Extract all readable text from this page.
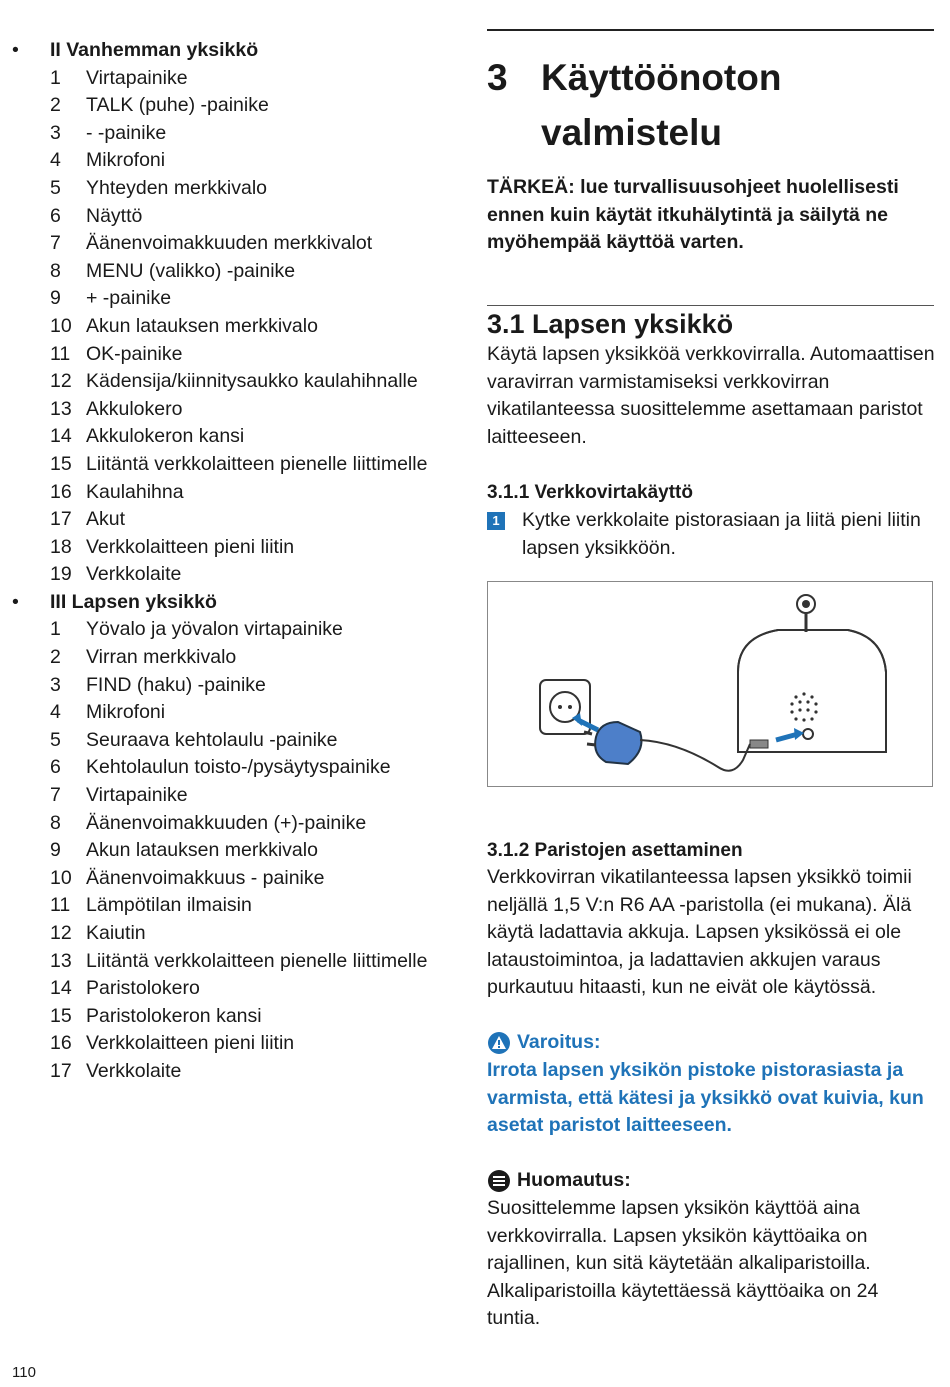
• II Vanhemman yksikkö
1	Virtapainike
2	TALK (puhe) -painike
3	- -painike
4	Mikrofoni
5	Yhteyden merkkivalo
6	Näyttö
7	Äänenvoimakkuuden merkkivalot
8	MENU (valikko) -painike
9	+ -painike
10 Akun latauksen merkkivalo
11 OK-painike
12 Kädensija/kiinnitysaukko kaulahihnalle
13 Akkulokero
14 Akkulokeron kansi
15 Liitäntä verkkolaitteen pienelle liittimelle
16 Kaulahihna
17 Akut
18 Verkkolaitteen pieni liitin
19 Verkkolaite
• III Lapsen yksikkö
1	Yövalo ja yövalon virtapainike
2	Virran merkkivalo
3	FIND (haku) -painike
4	Mikrofoni
5	Seuraava kehtolaulu -painike
6	Kehtolaulun toisto-/pysäytyspainike
7	Virtapainike
8	Äänenvoimakkuuden (+)-painike
9	Akun latauksen merkkivalo
10 Äänenvoimakkuus - painike
11 Lämpötilan ilmaisin
12 Kaiutin
13 Liitäntä verkkolaitteen pienelle liittimelle
14 Paristolokero
15 Paristolokeron kansi
16 Verkkolaitteen pieni liitin
17 Verkkolaite
3 Käyttöönoton
valmistelu
TÄRKEÄ: lue turvallisuusohjeet huolellisesti ennen kuin käytät itkuhälytintä ja säilytä ne myöhempää käyttöä varten.
3.1 Lapsen yksikkö
Käytä lapsen yksikköä verkkovirralla. Automaattisen varavirran varmistamiseksi verkkovirran vikatilanteessa suosittelemme asettamaan paristot laitteeseen.
3.1.1 Verkkovirtakäyttö
1 Kytke verkkolaite pistorasiaan ja liitä pieni liitin lapsen yksikköön.
3.1.2 Paristojen asettaminen
Verkkovirran vikatilanteessa lapsen yksikkö toimii neljällä 1,5 V:n R6 AA -paristolla (ei mukana). Älä käytä ladattavia akkuja. Lapsen yksikössä ei ole lataustoimintoa, ja ladattavien akkujen varaus purkautuu hitaasti, kun ne eivät ole käytössä.
Varoitus:
Irrota lapsen yksikön pistoke pistorasiasta ja varmista, että kätesi ja yksikkö ovat kuivia, kun asetat paristot laitteeseen.
Huomautus:
Suosittelemme lapsen yksikön käyttöä aina verkkovirralla. Lapsen yksikön käyttöaika on rajallinen, kun sitä käytetään alkaliparistoilla. Alkaliparistoilla käytettäessä käyttöaika on 24 tuntia.
110
